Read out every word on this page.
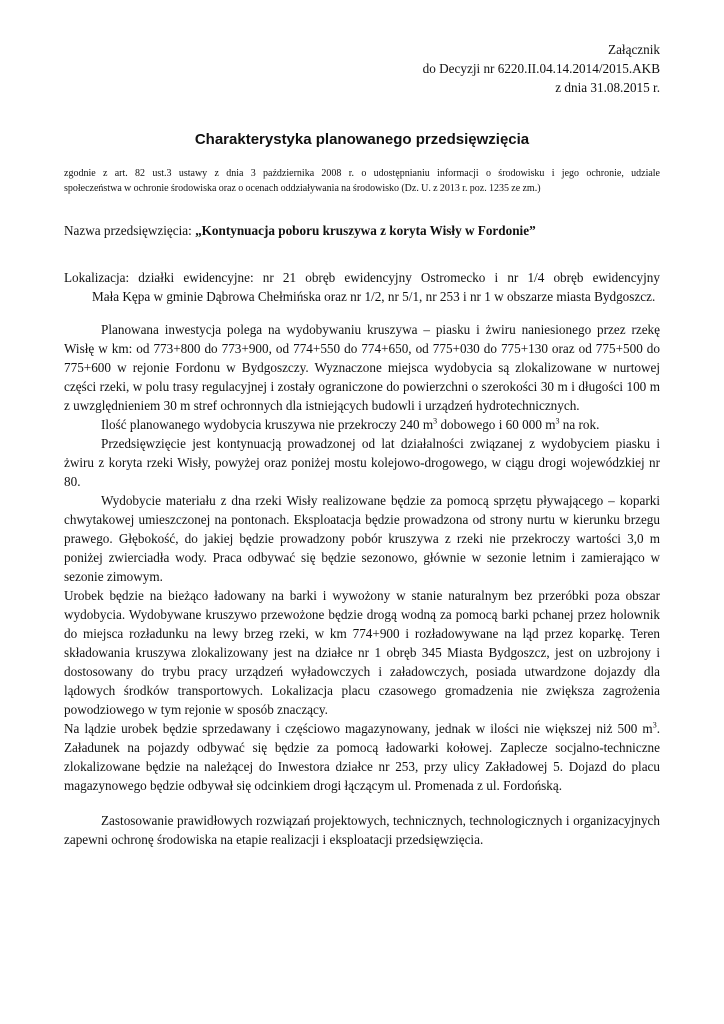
Załącznik
do Decyzji nr 6220.II.04.14.2014/2015.AKB
z dnia 31.08.2015 r.
Charakterystyka planowanego przedsięwzięcia
zgodnie z art. 82 ust.3 ustawy z dnia 3 października 2008 r. o udostępnianiu informacji o środowisku i jego ochronie, udziale
społeczeństwa w ochronie środowiska oraz o ocenach oddziaływania na środowisko (Dz. U. z 2013 r. poz. 1235 ze zm.)
Nazwa przedsięwzięcia: „Kontynuacja poboru kruszywa z koryta Wisły w Fordonie”
Lokalizacja: działki ewidencyjne: nr 21 obręb ewidencyjny Ostromecko i nr 1/4 obręb ewidencyjny
Mała Kępa w gminie Dąbrowa Chełmińska oraz nr 1/2, nr 5/1, nr 253 i nr 1 w obszarze miasta Bydgoszcz.

Planowana inwestycja polega na wydobywaniu kruszywa – piasku i żwiru naniesionego przez rzekę Wisłę w km: od 773+800 do 773+900, od 774+550 do 774+650, od 775+030 do 775+130 oraz od 775+500 do 775+600 w rejonie Fordonu w Bydgoszczy. Wyznaczone miejsca wydobycia są zlokalizowane w nurtowej części rzeki, w polu trasy regulacyjnej i zostały ograniczone do powierzchni o szerokości 30 m i długości 100 m z uwzględnieniem 30 m stref ochronnych dla istniejących budowli i urządzeń hydrotechnicznych.

Ilość planowanego wydobycia kruszywa nie przekroczy 240 $m^3$ dobowego i 60 000 $m^3$ na rok.

Przedsięwzięcie jest kontynuacją prowadzonej od lat działalności związanej z wydobyciem piasku i żwiru z koryta rzeki Wisły, powyżej oraz poniżej mostu kolejowo-drogowego, w ciągu drogi wojewódzkiej nr 80.

Wydobycie materiału z dna rzeki Wisły realizowane będzie za pomocą sprzętu pływającego – koparki chwytakowej umieszczonej na pontonach. Eksploatacja będzie prowadzona od strony nurtu w kierunku brzegu prawego. Głębokość, do jakiej będzie prowadzony pobór kruszywa z rzeki nie przekroczy wartości 3,0 m poniżej zwierciadła wody. Praca odbywać się będzie sezonowo, głównie w sezonie letnim i zamierająco w sezonie zimowym.

Urobek będzie na bieżąco ładowany na barki i wywożony w stanie naturalnym bez przeróbki poza obszar wydobycia. Wydobywane kruszywo przewożone będzie drogą wodną za pomocą barki pchanej przez holownik do miejsca rozładunku na lewy brzeg rzeki, w km 774+900 i rozładowywane na ląd przez koparkę. Teren składowania kruszywa zlokalizowany jest na działce nr 1 obręb 345 Miasta Bydgoszcz, jest on uzbrojony i dostosowany do trybu pracy urządzeń wyładowczych i załadowczych, posiada utwardzone dojazdy dla lądowych środków transportowych. Lokalizacja placu czasowego gromadzenia nie zwiększa zagrożenia powodziowego w tym rejonie w sposób znaczący.

Na lądzie urobek będzie sprzedawany i częściowo magazynowany, jednak w ilości nie większej niż 500 $m^3$. Załadunek na pojazdy odbywać się będzie za pomocą ładowarki kołowej. Zaplecze socjalno-techniczne zlokalizowane będzie na należącej do Inwestora działce nr 253, przy ulicy Zakładowej 5. Dojazd do placu magazynowego będzie odbywał się odcinkiem drogi łączącym ul. Promenada z ul. Fordońską.

Zastosowanie prawidłowych rozwiązań projektowych, technicznych, technologicznych i organizacyjnych zapewni ochronę środowiska na etapie realizacji i eksploatacji przedsięwzięcia.
